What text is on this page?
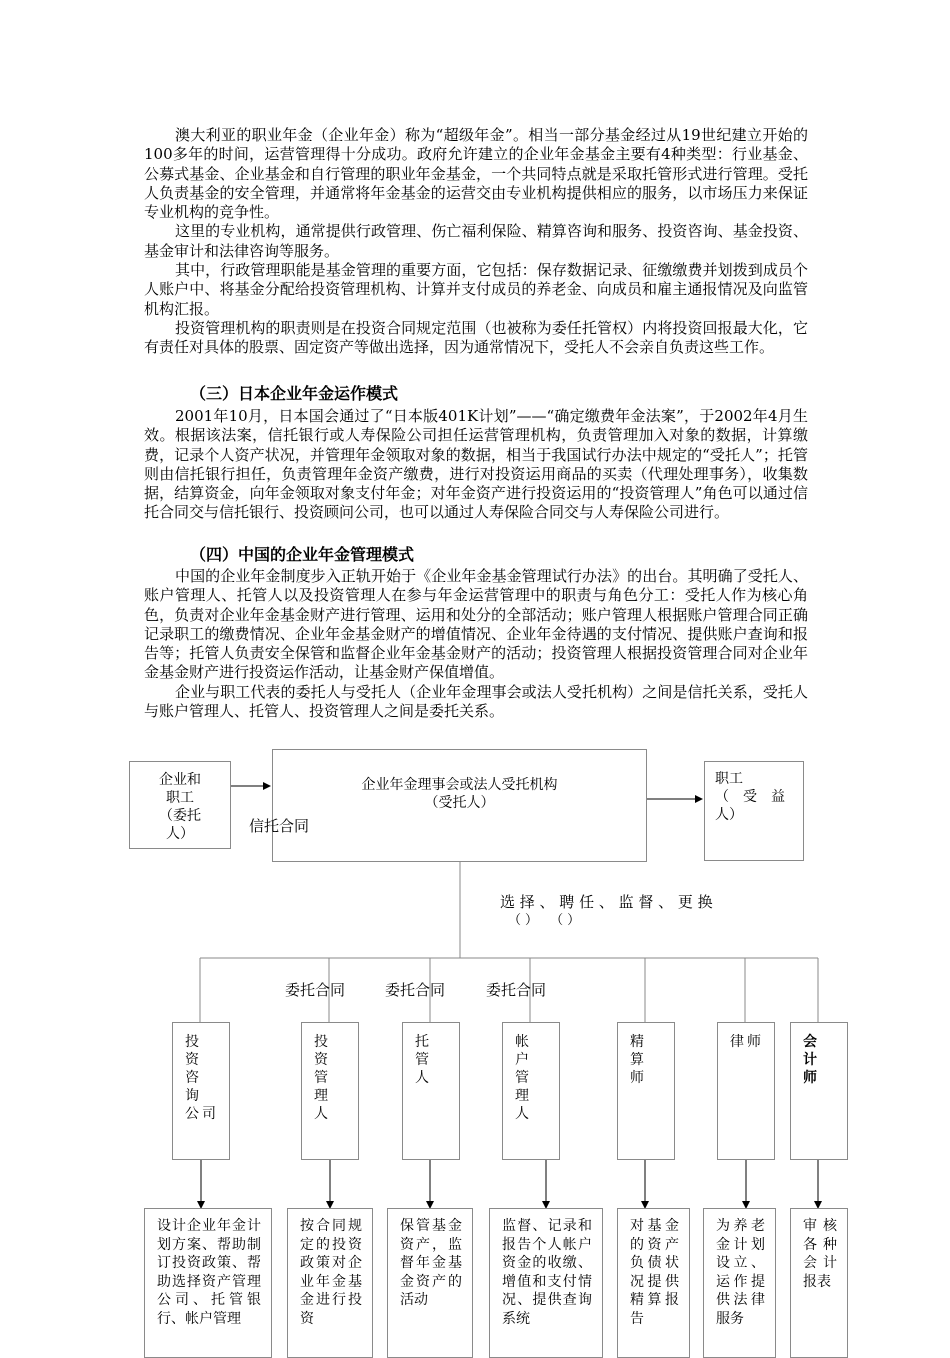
澳大利亚的职业年金（企业年金）称为“超级年金”。相当一部分基金经过从19世纪建立开始的100多年的时间，运营管理得十分成功。政府允许建立的企业年金基金主要有4种类型：行业基金、公募式基金、企业基金和自行管理的职业年金基金，一个共同特点就是采取托管形式进行管理。受托人负责基金的安全管理，并通常将年金基金的运营交由专业机构提供相应的服务，以市场压力来保证专业机构的竞争性。

这里的专业机构，通常提供行政管理、伤亡福利保险、精算咨询和服务、投资咨询、基金投资、基金审计和法律咨询等服务。

其中，行政管理职能是基金管理的重要方面，它包括：保存数据记录、征缴缴费并划拨到成员个人账户中、将基金分配给投资管理机构、计算并支付成员的养老金、向成员和雇主通报情况及向监管机构汇报。

投资管理机构的职责则是在投资合同规定范围（也被称为委任托管权）内将投资回报最大化，它有责任对具体的股票、固定资产等做出选择，因为通常情况下，受托人不会亲自负责这些工作。

（三）日本企业年金运作模式

2001年10月，日本国会通过了“日本版401K计划”——“确定缴费年金法案”，于2002年4月生效。根据该法案，信托银行或人寿保险公司担任运营管理机构，负责管理加入对象的数据，计算缴费，记录个人资产状况，并管理年金领取对象的数据，相当于我国试行办法中规定的“受托人”；托管则由信托银行担任，负责管理年金资产缴费，进行对投资运用商品的买卖（代理处理事务），收集数据，结算资金，向年金领取对象支付年金；对年金资产进行投资运用的“投资管理人”角色可以通过信托合同交与信托银行、投资顾问公司，也可以通过人寿保险合同交与人寿保险公司进行。

（四）中国的企业年金管理模式

中国的企业年金制度步入正轨开始于《企业年金基金管理试行办法》的出台。其明确了受托人、账户管理人、托管人以及投资管理人在参与年金运营管理中的职责与角色分工：受托人作为核心角色，负责对企业年金基金财产进行管理、运用和处分的全部活动；账户管理人根据账户管理合同正确记录职工的缴费情况、企业年金基金财产的增值情况、企业年金待遇的支付情况、提供账户查询和报告等；托管人负责安全保管和监督企业年金基金财产的活动；投资管理人根据投资管理合同对企业年金基金财产进行投资运作活动，让基金财产保值增值。

企业与职工代表的委托人与受托人（企业年金理事会或法人受托机构）之间是信托关系，受托人与账户管理人、托管人、投资管理人之间是委托关系。

企业和
职工
（委托
人）
企业年金理事会或法人受托机构
（受托人）
信托合同
职工
（　受　益
人）
选 择 、 聘 任 、 监 督 、 更 换
（） （）
委托合同	委托合同	委托合同
投 资
咨 询
公司
投 资
管 理
人
托 管
人
帐 户
管 理
人
精 算
师
律师	会 计
师
设计企业年金计划方案、帮助制订投资政策、帮助选择资产管理公司、托管银行、帐户管理
按合同规定的投资政策对企业年金基金进行投资
保管基金资产，监督年金基金资产的活动
监督、记录和报告个人帐户资金的收缴、增值和支付情况、提供查询系统
对基金的资产负债状况提供精算报告
为养老金计划设立、运作提供法律服务
审核各种会计报表
